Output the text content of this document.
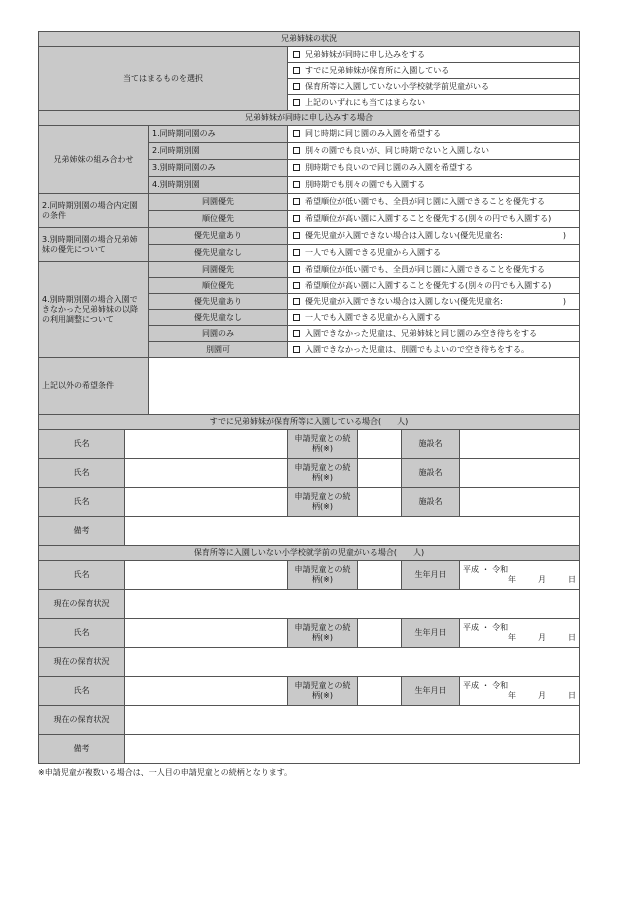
兄弟姉妹の状況						
当てはまるものを選択			兄弟姉妹が同時に申し込みをする			
			すでに兄弟姉妹が保育所に入園している			
			保育所等に入園していない小学校就学前児童がいる			
			上記のいずれにも当てはまらない			
兄弟姉妹が同時に申し込みする場合						
兄弟姉妹の組み合わせ		1.同時期同園のみ	同じ時期に同じ園のみ入園を希望する			
		2.同時期別園	別々の園でも良いが、同じ時期でないと入園しない			
		3.別時期同園のみ	別時期でも良いので同じ園のみ入園を希望する			
		4.別時期別園	別時期でも別々の園でも入園する			
2.同時期別園の場合内定園の条件		同園優先	希望順位が低い園でも、全員が同じ園に入園できることを優先する			
		順位優先	希望順位が高い園に入園することを優先する(別々の円でも入園する)			
3.別時期同園の場合兄弟姉妹の優先について		優先児童あり	優先児童が入園できない場合は入園しない(優先児童名: )			

		優先児童なし	一人でも入園できる児童から入園する			
4.別時期別園の場合入園できなかった兄弟姉妹の以降の利用調整について		同園優先	希望順位が低い園でも、全員が同じ園に入園できることを優先する			
		順位優先	希望順位が高い園に入園することを優先する(別々の円でも入園する)			
		優先児童あり	優先児童が入園できない場合は入園しない(優先児童名: )			

		優先児童なし	一人でも入園できる児童から入園する			
		同園のみ	入園できなかった児童は、兄弟姉妹と同じ園のみ空き待ちをする			
		別園可	入園できなかった児童は、別園でもよいので空き待ちをする。			
上記以外の希望条件						
すでに兄弟姉妹が保育所等に入園している場合(　　人)						
氏名			申請児童との続柄(※)		施設名	
氏名			申請児童との続柄(※)		施設名	
氏名			申請児童との続柄(※)		施設名	
備考						
保育所等に入園しいない小学校就学前の児童がいる場合(　　人)						
氏名			申請児童との続柄(※)		生年月日	平成 ・ 令和
年 月 日

現在の保育状況						
氏名			申請児童との続柄(※)		生年月日	平成 ・ 令和
年 月 日

現在の保育状況						
氏名			申請児童との続柄(※)		生年月日	平成 ・ 令和
年 月 日

現在の保育状況						
備考						
※申請児童が複数いる場合は、一人目の申請児童との続柄となります。
